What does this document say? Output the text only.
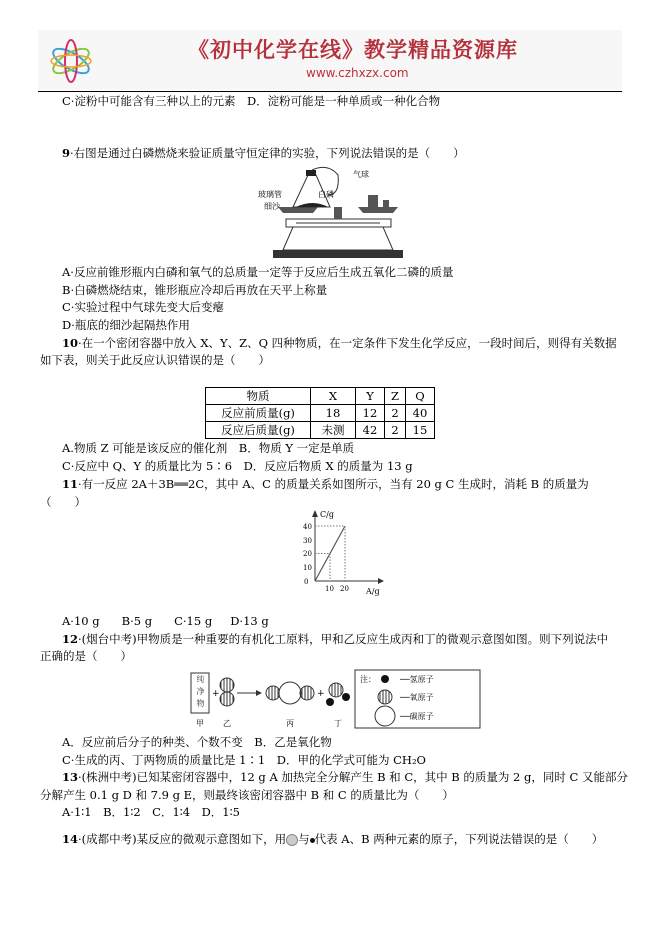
《初中化学在线》教学精品资源库
www.czhxzx.com
C·淀粉中可能含有三种以上的元素　 D．淀粉可能是一种单质或一种化合物
9·右图是通过白磷燃烧来验证质量守恒定律的实验，下列说法错误的是（　　）
气球
玻璃管	白磷
细沙
A·反应前锥形瓶内白磷和氧气的总质量一定等于反应后生成五氧化二磷的质量
B·白磷燃烧结束，锥形瓶应冷却后再放在天平上称量
C·实验过程中气球先变大后变瘪
D·瓶底的细沙起隔热作用
10·在一个密闭容器中放入 X、Y、Z、Q 四种物质，在一定条件下发生化学反应，一段时间后，则得有关数据
如下表，则关于此反应认识错误的是（　　）
物质	X	Y	Z	Q
反应前质量(g)	18	12	2	40
反应后质量(g)	未测	42	2	15
A.物质 Z 可能是该反应的催化剂　B．物质 Y 一定是单质
C·反应中 Q、Y 的质量比为 5∶6　D．反应后物质 X 的质量为 13 g
11·有一反应 2A＋3B══2C，其中 A、C 的质量关系如图所示，当有 20 g C 生成时，消耗 B 的质量为
（　　）
C/g
A/g
0
10
20
30
40
10 20
A·10 g B·5 g C·15 g D·13 g
12·(烟台中考)甲物质是一种重要的有机化工原料，甲和乙反应生成丙和丁的微观示意图如图。则下列说法中
正确的是（　　）
+	+
甲 乙	丙	丁
注：	──氢原子
──氧原子
──碳原子
纯净物
A．反应前后分子的种类、个数不变　B．乙是氧化物
C·生成的丙、丁两物质的质量比是 1∶1　D．甲的化学式可能为 CH₂O
13·(株洲中考)已知某密闭容器中，12 g A 加热完全分解产生 B 和 C，其中 B 的质量为 2 g，同时 C 又能部分
分解产生 0.1 g D 和 7.9 g E，则最终该密闭容器中 B 和 C 的质量比为（　　）
A·1∶1　B．1∶2　C．1∶4　D．1∶5
14·(成都中考)某反应的微观示意图如下，用 与 代表 A、B 两种元素的原子，下列说法错误的是（　　）
